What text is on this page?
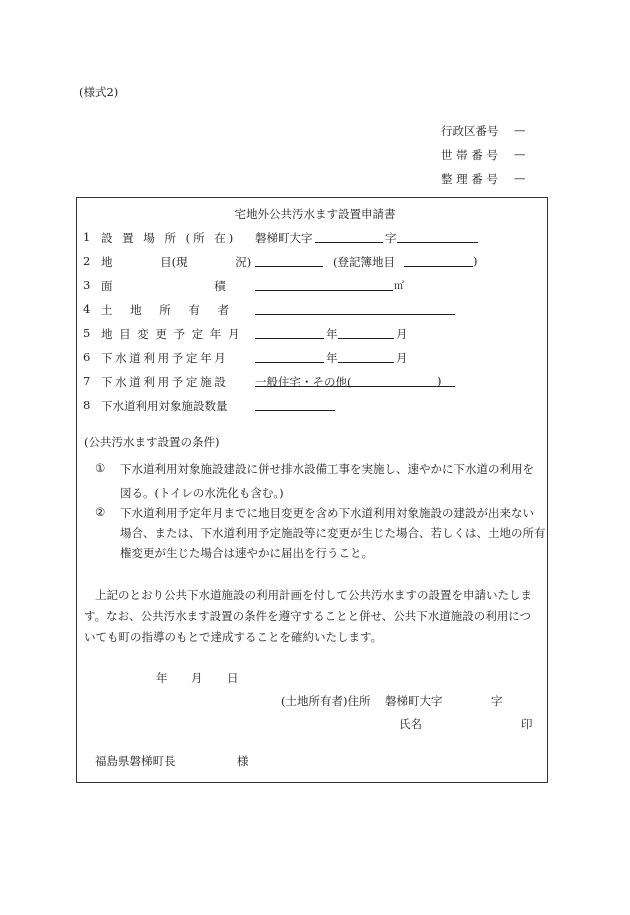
(様式2)
行政区番号 —
世 帯 番 号 —
整 理 番 号 —
宅地外公共汚水ます設置申請書
1 設 置 場 所 (所 在) 磐梯町大字	字
2 地 目(現 況)	(登記簿地目	)
3 面 積	㎡
4 土 地 所 有 者
5 地 目 変 更 予 定 年 月	年	月
6 下 水 道 利 用 予 定 年 月	年	月
7 下 水 道 利 用 予 定 施 設	一般住宅・その他(	)
8 下水道利用対象施設数量
(公共汚水ます設置の条件)
① 下水道利用対象施設建設に併せ排水設備工事を実施し、速やかに下水道の利用を
図る。(トイレの水洗化も含む。)
② 下水道利用予定年月までに地目変更を含め下水道利用対象施設の建設が出来ない
場合、または、下水道利用予定施設等に変更が生じた場合、若しくは、土地の所有
権変更が生じた場合は速やかに届出を行うこと。
上記のとおり公共下水道施設の利用計画を付して公共汚水ますの設置を申請いたしま
す。なお、公共汚水ます設置の条件を遵守することと併せ、公共下水道施設の利用につ
いても町の指導のもとで達成することを確約いたします。
年 月 日
(土地所有者)住所 磐梯町大字	字
氏名	印
福島県磐梯町長	様
